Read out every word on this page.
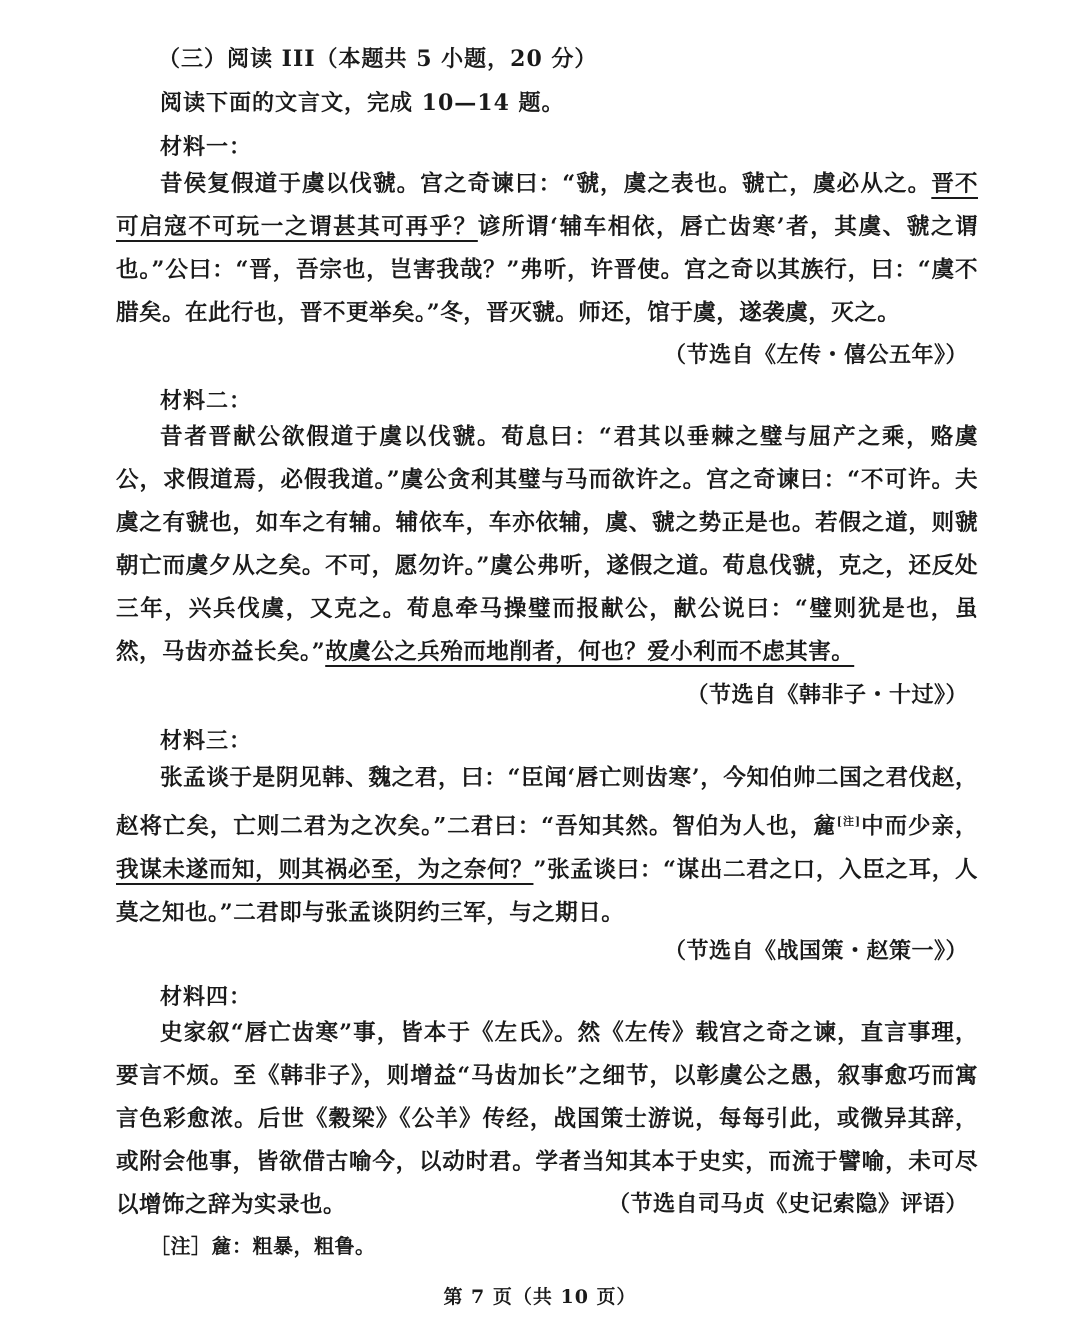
（三）阅读 III（本题共 5 小题，20 分）
阅读下面的文言文，完成 10—14 题。
材料一：
昔侯复假道于虞以伐虢。宫之奇谏曰：“虢，虞之表也。虢亡，虞必从之。晋不可启寇不可玩一之谓甚其可再乎？谚所谓‘辅车相依，唇亡齿寒’者，其虞、虢之谓也。”公曰：“晋，吾宗也，岂害我哉？”弗听，许晋使。宫之奇以其族行，曰：“虞不腊矣。在此行也，晋不更举矣。”冬，晋灭虢。师还，馆于虞，遂袭虞，灭之。
（节选自《左传・僖公五年》）
材料二：
昔者晋献公欲假道于虞以伐虢。荀息曰：“君其以垂棘之璧与屈产之乘，赂虞公，求假道焉，必假我道。”虞公贪利其璧与马而欲许之。宫之奇谏曰：“不可许。夫虞之有虢也，如车之有辅。辅依车，车亦依辅，虞、虢之势正是也。若假之道，则虢朝亡而虞夕从之矣。不可，愿勿许。”虞公弗听，遂假之道。荀息伐虢，克之，还反处三年，兴兵伐虞，又克之。荀息牵马操璧而报献公，献公说曰：“璧则犹是也，虽然，马齿亦益长矣。”故虞公之兵殆而地削者，何也？爱小利而不虑其害。
（节选自《韩非子・十过》）
材料三：
张孟谈于是阴见韩、魏之君，曰：“臣闻‘唇亡则齿寒’，今知伯帅二国之君伐赵，赵将亡矣，亡则二君为之次矣。”二君曰：“吾知其然。智伯为人也，麄[注]中而少亲，我谋未遂而知，则其祸必至，为之奈何？”张孟谈曰：“谋出二君之口，入臣之耳，人莫之知也。”二君即与张孟谈阴约三军，与之期日。
（节选自《战国策・赵策一》）
材料四：
史家叙“唇亡齿寒”事，皆本于《左氏》。然《左传》载宫之奇之谏，直言事理，要言不烦。至《韩非子》，则增益“马齿加长”之细节，以彰虞公之愚，叙事愈巧而寓言色彩愈浓。后世《穀梁》《公羊》传经，战国策士游说，每每引此，或微异其辞，或附会他事，皆欲借古喻今，以动时君。学者当知其本于史实，而流于譬喻，未可尽以增饰之辞为实录也。	（节选自司马贞《史记索隐》评语）
［注］麄：粗暴，粗鲁。
第 7 页（共 10 页）
